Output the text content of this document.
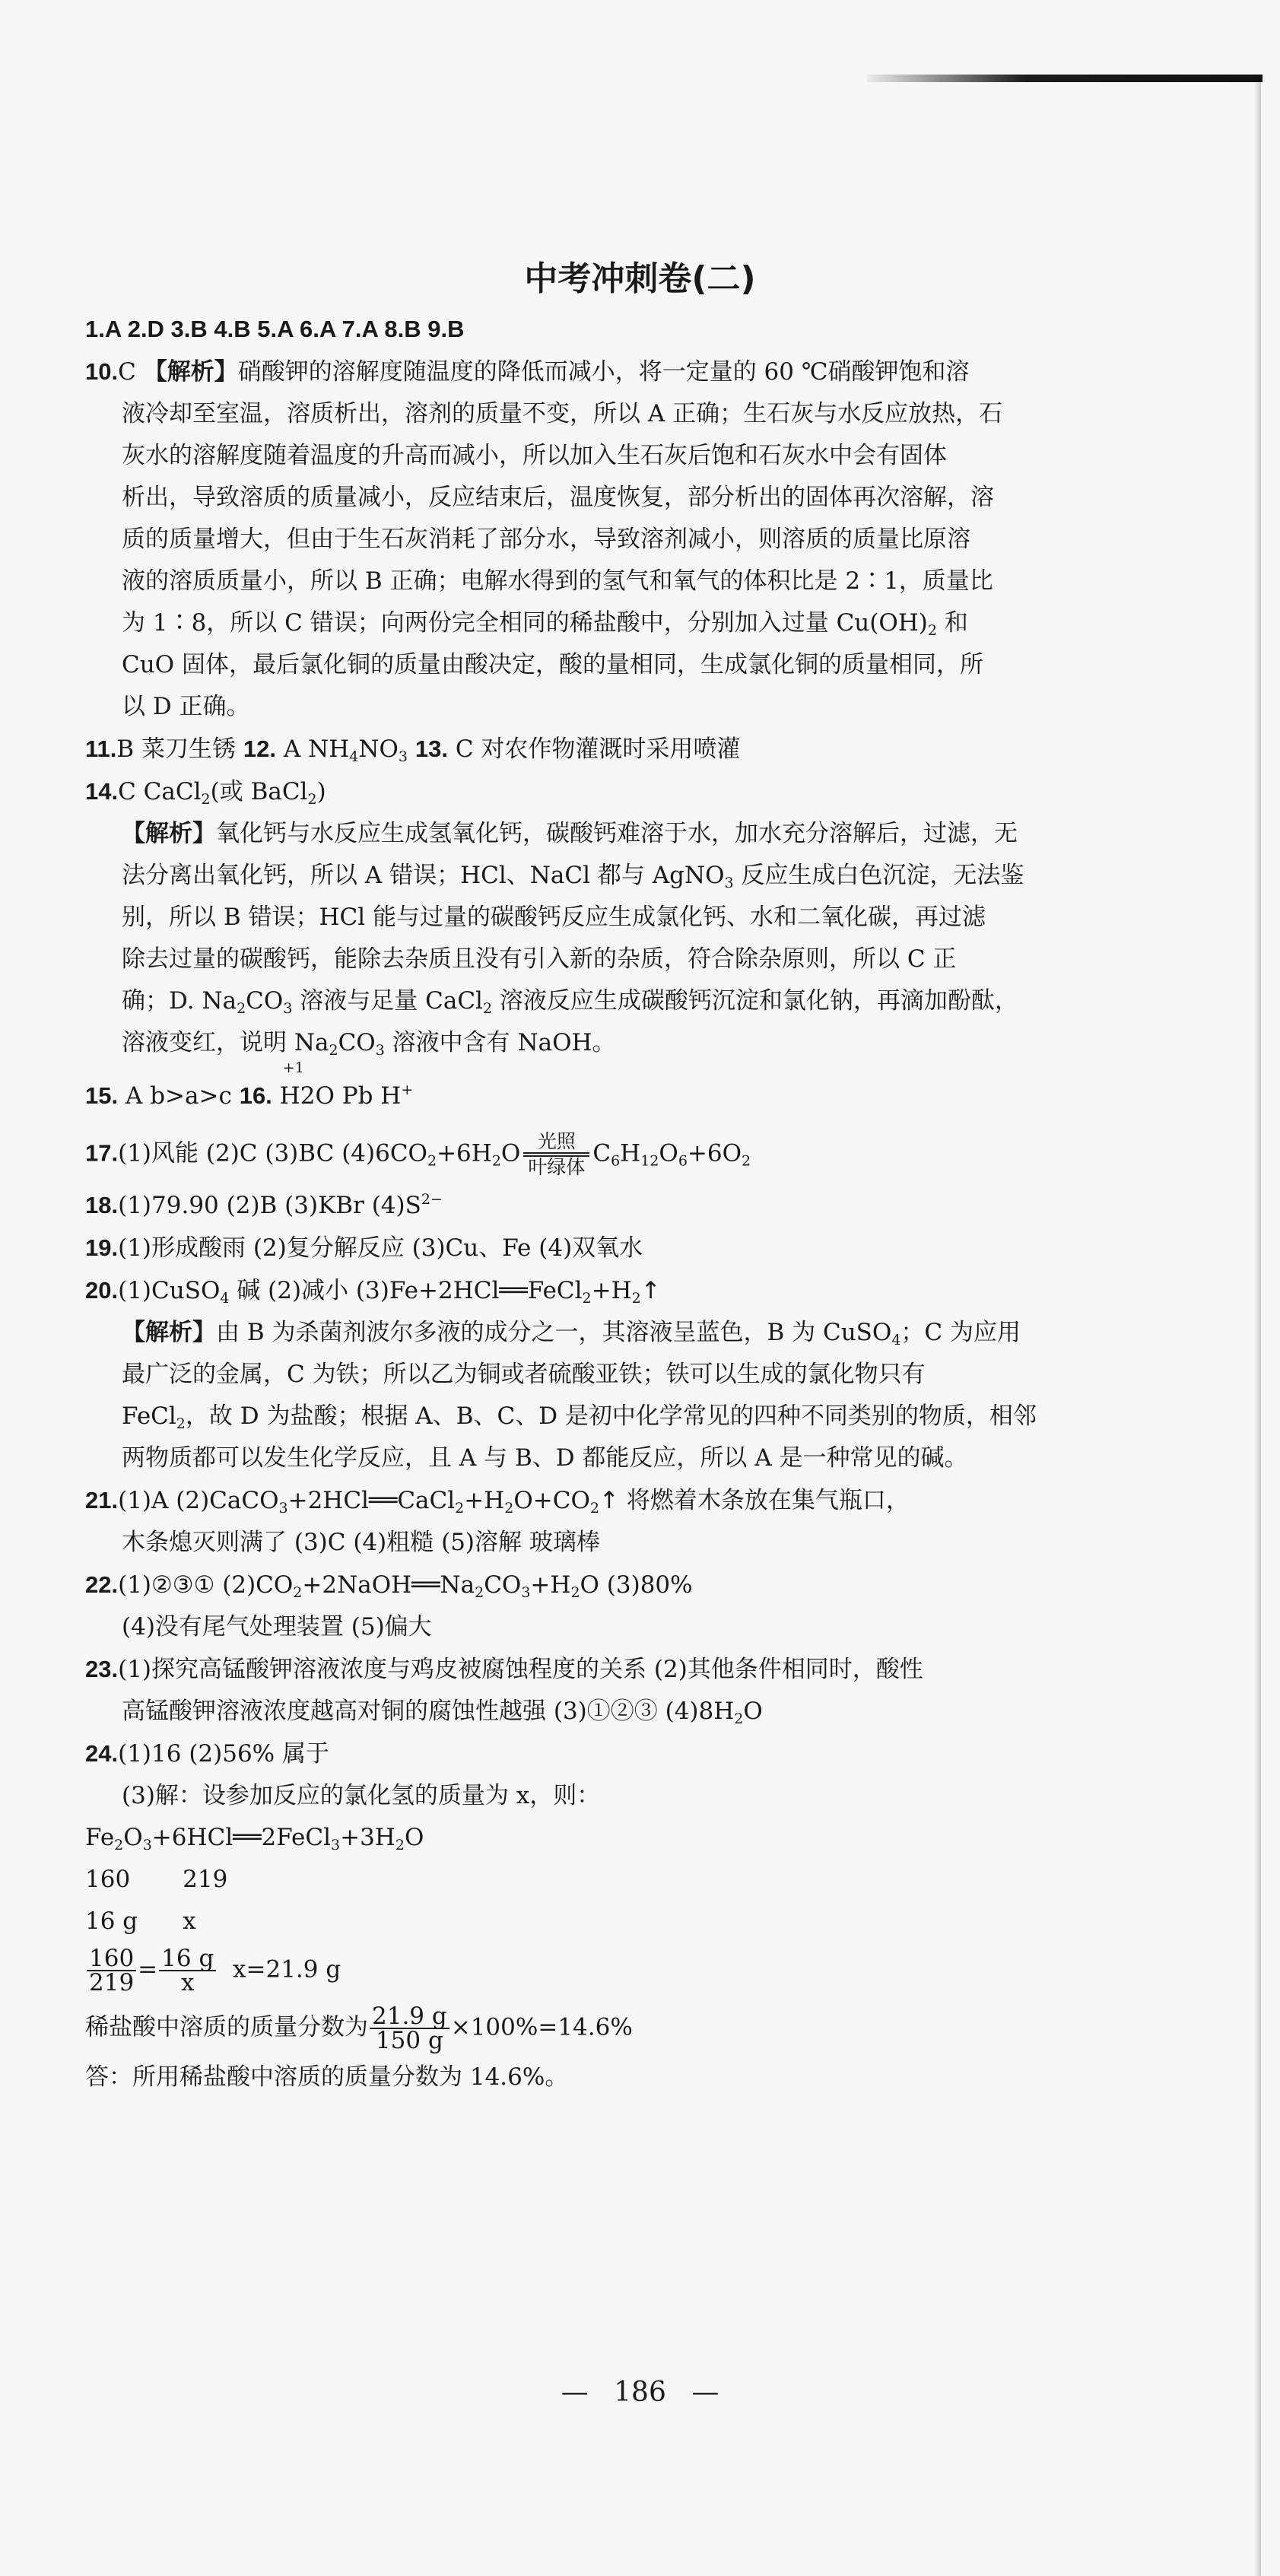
中考冲刺卷(二)
1.A 2.D 3.B 4.B 5.A 6.A 7.A 8.B 9.B
10.C 【解析】硝酸钾的溶解度随温度的降低而减小，将一定量的 60 ℃硝酸钾饱和溶
液冷却至室温，溶质析出，溶剂的质量不变，所以 A 正确；生石灰与水反应放热，石
灰水的溶解度随着温度的升高而减小，所以加入生石灰后饱和石灰水中会有固体
析出，导致溶质的质量减小，反应结束后，温度恢复，部分析出的固体再次溶解，溶
质的质量增大，但由于生石灰消耗了部分水，导致溶剂减小，则溶质的质量比原溶
液的溶质质量小，所以 B 正确；电解水得到的氢气和氧气的体积比是 2∶1，质量比
为 1∶8，所以 C 错误；向两份完全相同的稀盐酸中，分别加入过量 $Cu(OH)_2$ 和
CuO 固体，最后氯化铜的质量由酸决定，酸的量相同，生成氯化铜的质量相同，所
以 D 正确。
11.B 菜刀生锈 12. A $NH_4NO_3$ 13. C 对农作物灌溉时采用喷灌
14.C CaCl$_2$(或 BaCl$_2$)
【解析】氧化钙与水反应生成氢氧化钙，碳酸钙难溶于水，加水充分溶解后，过滤，无
法分离出氧化钙，所以 A 错误；HCl、NaCl 都与 AgNO$_3$ 反应生成白色沉淀，无法鉴
别，所以 B 错误；HCl 能与过量的碳酸钙反应生成氯化钙、水和二氧化碳，再过滤
除去过量的碳酸钙，能除去杂质且没有引入新的杂质，符合除杂原则，所以 C 正
确；D. $Na_2CO_3$ 溶液与足量 CaCl$_2$ 溶液反应生成碳酸钙沉淀和氯化钠，再滴加酚酞，
溶液变红，说明 $Na_2CO_3$ 溶液中含有 NaOH。
15. A b>a>c 16.
+1
H2O Pb H+
17.(1)风能 (2)C (3)BC $(4)6CO_2+6H_2O$ 光照
叶绿体 $C_6H_{12}O_6+6O_2$
18.(1)79.90 (2)B (3)KBr $(4)S^{2-}$
19.(1)形成酸雨 (2)复分解反应 (3)Cu、Fe (4)双氧水
20.(1)CuSO$_4$ 碱 (2)减小 $(3)Fe+2HCl══FeCl_2+H_2↑$
【解析】由 B 为杀菌剂波尔多液的成分之一，其溶液呈蓝色，B 为 CuSO$_4$；C 为应用
最广泛的金属，C 为铁；所以乙为铜或者硫酸亚铁；铁可以生成的氯化物只有
FeCl$_2$，故 D 为盐酸；根据 A、B、C、D 是初中化学常见的四种不同类别的物质，相邻
两物质都可以发生化学反应，且 A 与 B、D 都能反应，所以 A 是一种常见的碱。
21.(1)A $(2)CaCO_3+2HCl══CaCl_2+H_2O+CO_2↑$ 将燃着木条放在集气瓶口，
木条熄灭则满了 (3)C (4)粗糙 (5)溶解 玻璃棒
22.(1)②③① $(2)CO_2+2NaOH══Na_2CO_3+H_2O$ (3)80%
(4)没有尾气处理装置 (5)偏大
23.(1)探究高锰酸钾溶液浓度与鸡皮被腐蚀程度的关系 (2)其他条件相同时，酸性
高锰酸钾溶液浓度越高对铜的腐蚀性越强 (3)①②③ $(4)8H_2O$
24.(1)16 (2)56% 属于
(3)解：设参加反应的氯化氢的质量为 x，则：
$Fe_2O_3+6HCl══2FeCl_3+3H_2O$
160       219
16 g      x
$\frac{160}{219} = \frac{16 g}{x} x=21.9$ g
稀盐酸中溶质的质量分数为 $\frac{21.9 g}{150 g} \times 100\%=14.6\%$
答：所用稀盐酸中溶质的质量分数为 14.6%。
— 186 —
